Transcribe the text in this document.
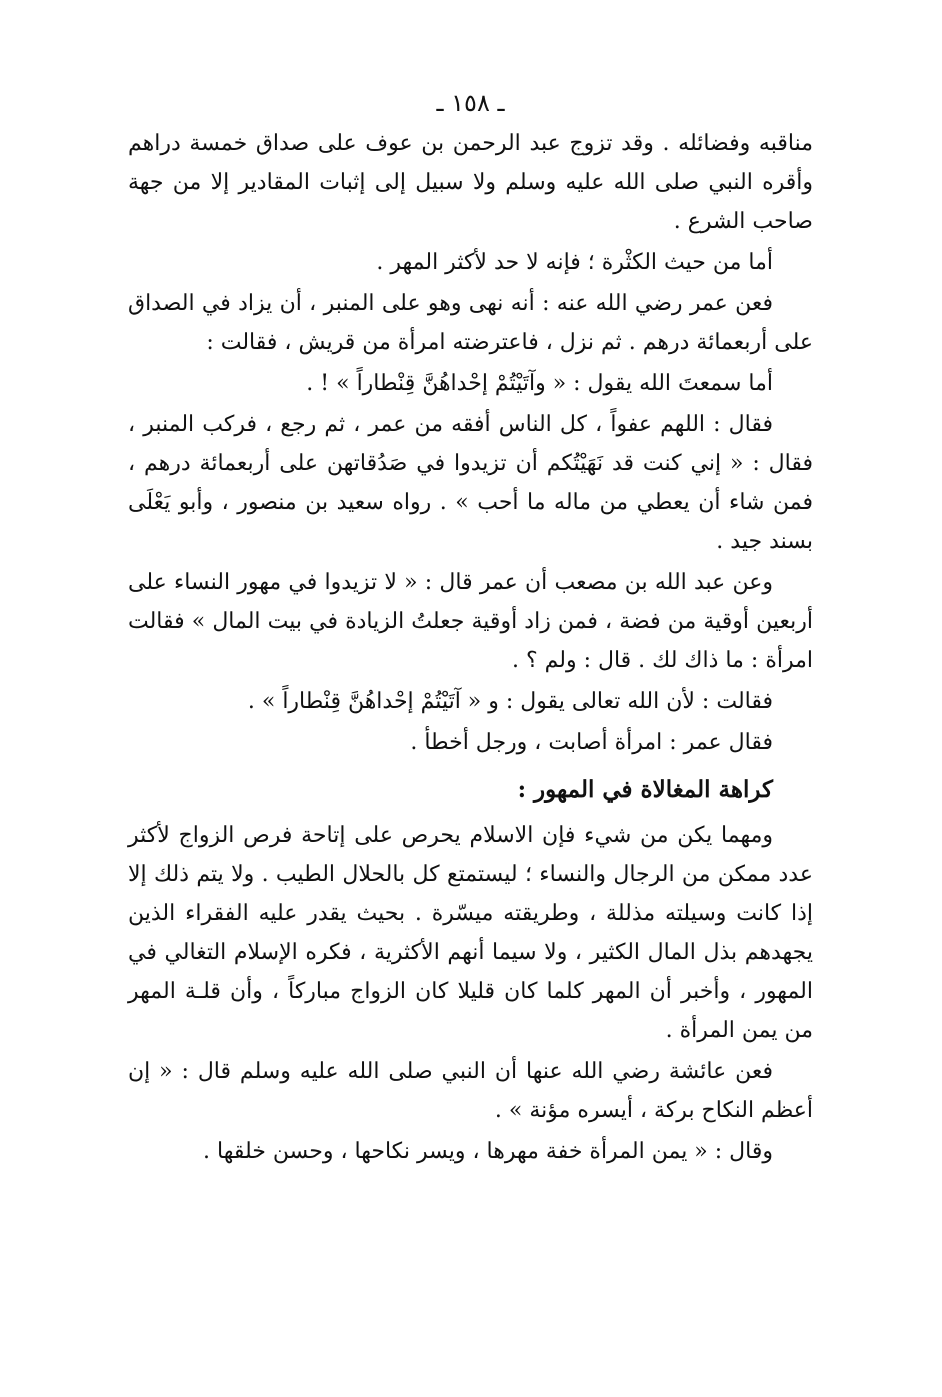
ـ ١٥٨ ـ

مناقبه وفضائله . وقد تزوج عبد الرحمن بن عوف على صداق خمسة دراهم وأقره النبي صلى الله عليه وسلم ولا سبيل إلى إثبات المقادير إلا من جهة صاحب الشرع .

أما من حيث الكثْرة ؛ فإنه لا حد لأكثر المهر .

فعن عمر رضي الله عنه : أنه نهى وهو على المنبر ، أن يزاد في الصداق على أربعمائة درهم . ثم نزل ، فاعترضته امرأة من قريش ، فقالت :

أما سمعتَ الله يقول : « وآتَيْتُمْ إحْداهُنَّ قِنْطاراً » ! .

فقال : اللهم عفواً ، كل الناس أفقه من عمر ، ثم رجع ، فركب المنبر ، فقال : « إني كنت قد نَهَيْتُكم أن تزيدوا في صَدُقاتهن على أربعمائة درهم ، فمن شاء أن يعطي من ماله ما أحب » . رواه سعيد بن منصور ، وأبو يَعْلَى بسند جيد .

وعن عبد الله بن مصعب أن عمر قال : « لا تزيدوا في مهور النساء على أربعين أوقية من فضة ، فمن زاد أوقية جعلتُ الزيادة في بيت المال » فقالت امرأة : ما ذاك لك . قال : ولم ؟ .

فقالت : لأن الله تعالى يقول : و « آتَيْتُمْ إحْداهُنَّ قِنْطاراً » .

فقال عمر : امرأة أصابت ، ورجل أخطأ .

كراهة المغالاة في المهور :

ومهما يكن من شيء فإن الاسلام يحرص على إتاحة فرص الزواج لأكثر عدد ممكن من الرجال والنساء ؛ ليستمتع كل بالحلال الطيب . ولا يتم ذلك إلا إذا كانت وسيلته مذللة ، وطريقته ميسّرة . بحيث يقدر عليه الفقراء الذين يجهدهم بذل المال الكثير ، ولا سيما أنهم الأكثرية ، فكره الإسلام التغالي في المهور ، وأخبر أن المهر كلما كان قليلا كان الزواج مباركاً ، وأن قلـة المهر من يمن المرأة .

فعن عائشة رضي الله عنها أن النبي صلى الله عليه وسلم قال : « إن أعظم النكاح بركة ، أيسره مؤنة » .

وقال : « يمن المرأة خفة مهرها ، ويسر نكاحها ، وحسن خلقها .
